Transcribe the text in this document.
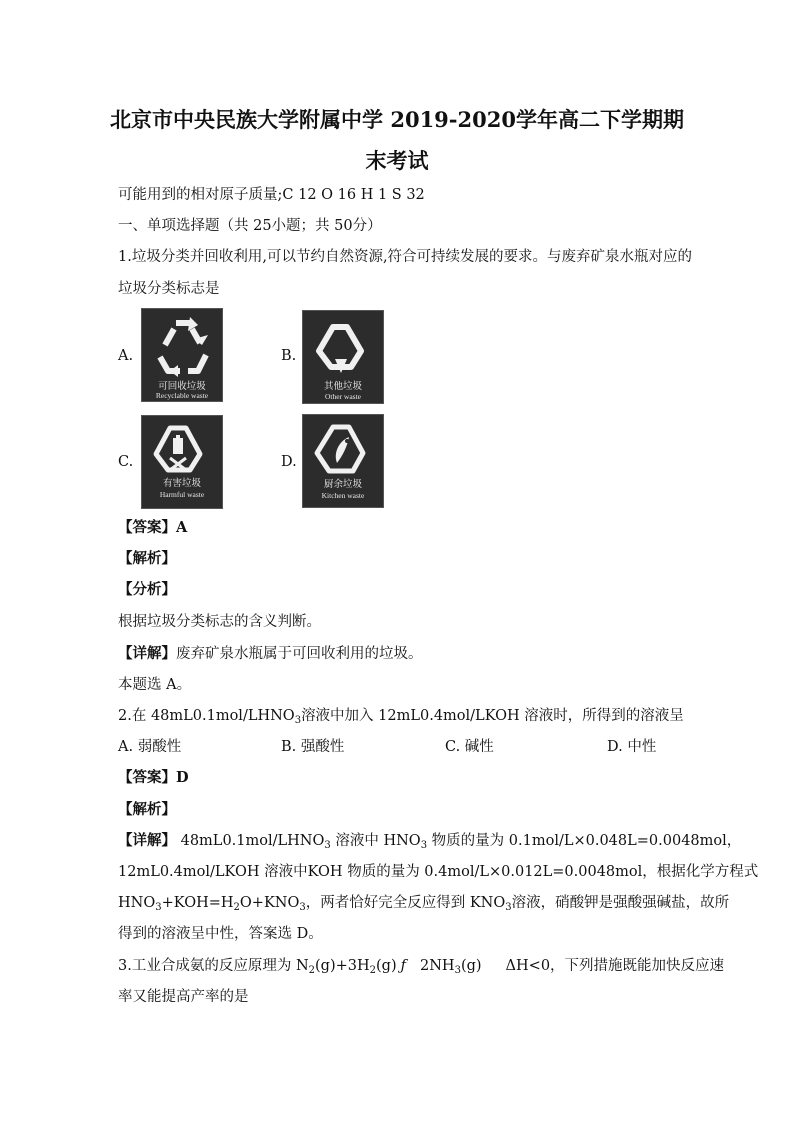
北京市中央民族大学附属中学 2019-2020学年高二下学期期
末考试
可能用到的相对原子质量;C 12 O 16 H 1 S 32
一、单项选择题（共 25小题；共 50分）
1.垃圾分类并回收利用,可以节约自然资源,符合可持续发展的要求。与废弃矿泉水瓶对应的
垃圾分类标志是
A.
可回收垃圾
Recyclable waste
B.
其他垃圾
Other waste
C.
有害垃圾
Harmful waste
D.
厨余垃圾
Kitchen waste
【答案】A
【解析】
【分析】
根据垃圾分类标志的含义判断。
【详解】废弃矿泉水瓶属于可回收利用的垃圾。
本题选 A。
2.在 $48mL0.1mol/LHNO_3$溶液中加入 12mL0.4mol/LKOH 溶液时，所得到的溶液呈
A. 弱酸性	B. 强酸性	C. 碱性	D. 中性
【答案】D
【解析】
【详解】 $48mL0.1mol/LHNO_3$ 溶液中 $HNO_3$ 物质的量为 0.1mol/L×0.048L=0.0048mol，
12mL0.4mol/LKOH 溶液中KOH 物质的量为 0.4mol/L×0.012L=0.0048mol，根据化学方程式
$HNO_3+KOH=H_2O+KNO_3$，两者恰好完全反应得到 $KNO_3$溶液，硝酸钾是强酸强碱盐，故所
得到的溶液呈中性，答案选 D。
3.工业合成氨的反应原理为 $N_2(g)+3H_2(g)$ ƒ $2NH_3(g)$ ΔH<0，下列措施既能加快反应速
率又能提高产率的是
